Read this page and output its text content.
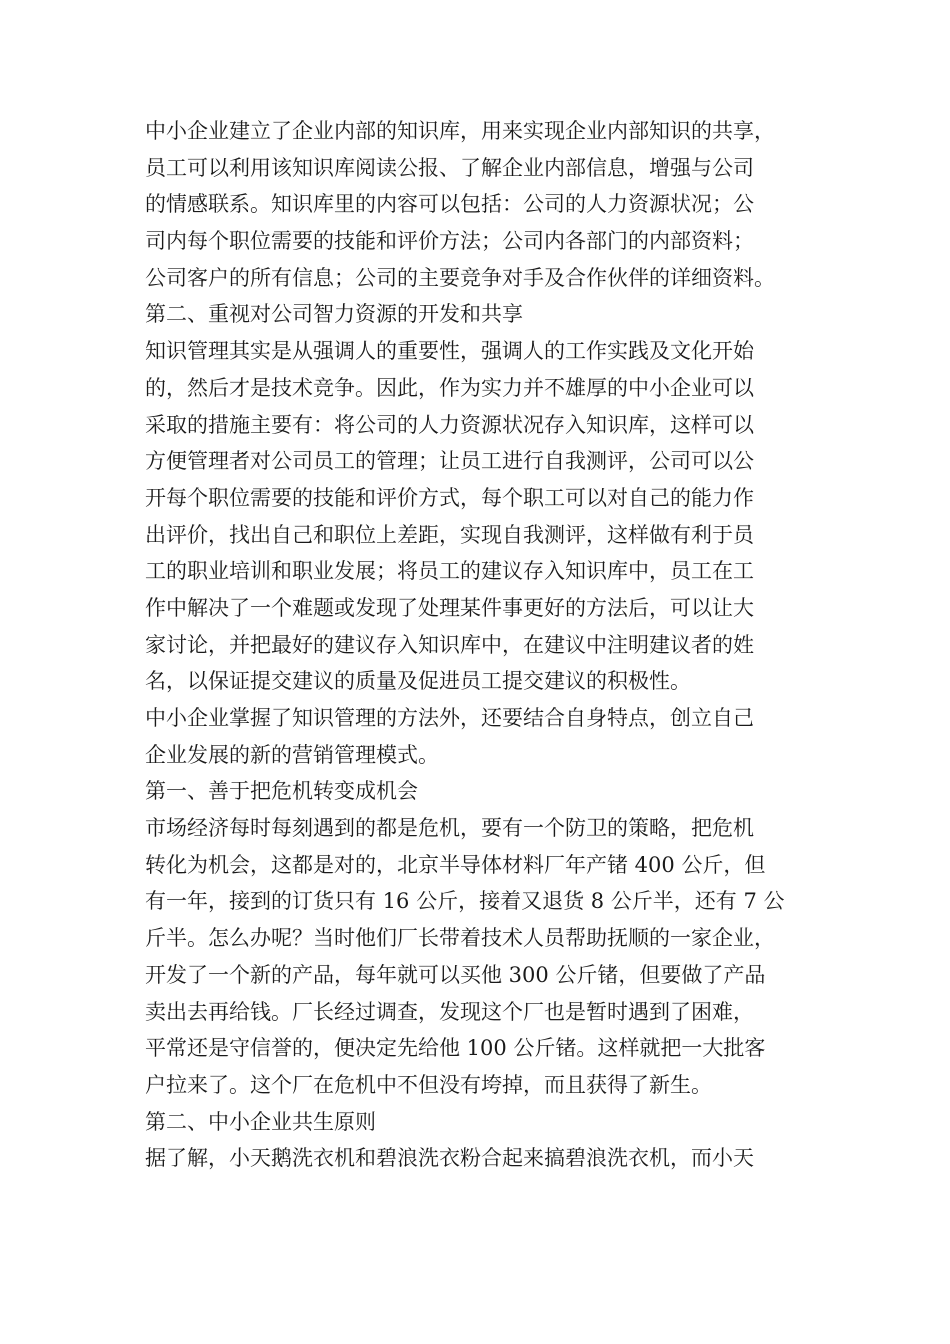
中小企业建立了企业内部的知识库，用来实现企业内部知识的共享，
员工可以利用该知识库阅读公报、了解企业内部信息，增强与公司
的情感联系。知识库里的内容可以包括：公司的人力资源状况；公
司内每个职位需要的技能和评价方法；公司内各部门的内部资料；
公司客户的所有信息；公司的主要竞争对手及合作伙伴的详细资料。
第二、重视对公司智力资源的开发和共享
知识管理其实是从强调人的重要性，强调人的工作实践及文化开始
的，然后才是技术竞争。因此，作为实力并不雄厚的中小企业可以
采取的措施主要有：将公司的人力资源状况存入知识库，这样可以
方便管理者对公司员工的管理；让员工进行自我测评，公司可以公
开每个职位需要的技能和评价方式，每个职工可以对自己的能力作
出评价，找出自己和职位上差距，实现自我测评，这样做有利于员
工的职业培训和职业发展；将员工的建议存入知识库中，员工在工
作中解决了一个难题或发现了处理某件事更好的方法后，可以让大
家讨论，并把最好的建议存入知识库中，在建议中注明建议者的姓
名，以保证提交建议的质量及促进员工提交建议的积极性。
中小企业掌握了知识管理的方法外，还要结合自身特点，创立自己
企业发展的新的营销管理模式。
第一、善于把危机转变成机会
市场经济每时每刻遇到的都是危机，要有一个防卫的策略，把危机
转化为机会，这都是对的，北京半导体材料厂年产锗 400 公斤，但
有一年，接到的订货只有 16 公斤，接着又退货 8 公斤半，还有 7 公
斤半。怎么办呢？当时他们厂长带着技术人员帮助抚顺的一家企业，
开发了一个新的产品，每年就可以买他 300 公斤锗，但要做了产品
卖出去再给钱。厂长经过调查，发现这个厂也是暂时遇到了困难，
平常还是守信誉的，便决定先给他 100 公斤锗。这样就把一大批客
户拉来了。这个厂在危机中不但没有垮掉，而且获得了新生。
第二、中小企业共生原则
据了解，小天鹅洗衣机和碧浪洗衣粉合起来搞碧浪洗衣机，而小天
